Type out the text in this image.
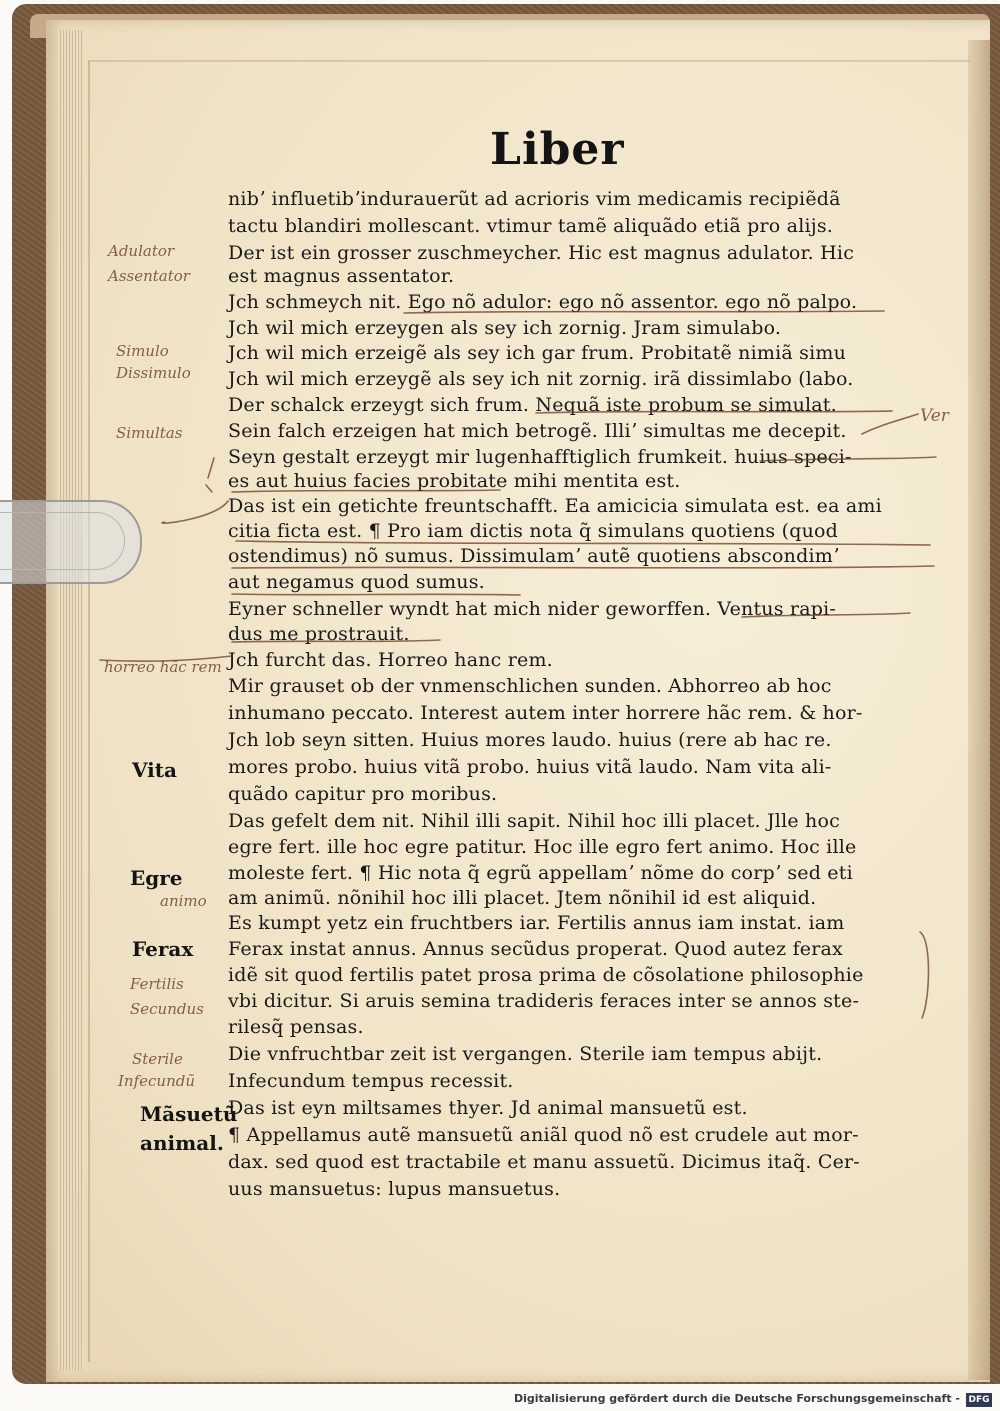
Liber
nibʼ influetibʼindurauerũt ad acrioris vim medicamis recipiẽdã
tactu blandiri mollescant. vtimur tamẽ aliquãdo etiã pro alijs.
Der ist ein grosser zuschmeycher. Hic est magnus adulator. Hic
est magnus assentator.
Jch schmeych nit. Ego nõ adulor: ego nõ assentor. ego nõ palpo.
Jch wil mich erzeygen als sey ich zornig. Jram simulabo.
Jch wil mich erzeigẽ als sey ich gar frum. Probitatẽ nimiã simu
Jch wil mich erzeygẽ als sey ich nit zornig. irã dissimlabo (labo.
Der schalck erzeygt sich frum. Nequã iste probum se simulat.
Sein falch erzeigen hat mich betrogẽ. Illiʼ simultas me decepit.
Seyn gestalt erzeygt mir lugenhafftiglich frumkeit. huius speci-
es aut huius facies probitate mihi mentita est.
Das ist ein getichte freuntschafft. Ea amicicia simulata est. ea ami
citia ficta est. ¶ Pro iam dictis nota q̃ simulans quotiens (quod
ostendimus) nõ sumus. Dissimulamʼ autẽ quotiens abscondimʼ
aut negamus quod sumus.
Eyner schneller wyndt hat mich nider geworffen. Ventus rapi-
dus me prostrauit.
Jch furcht das. Horreo hanc rem.
Mir grauset ob der vnmenschlichen sunden. Abhorreo ab hoc
inhumano peccato. Interest autem inter horrere hãc rem. & hor-
Jch lob seyn sitten. Huius mores laudo. huius (rere ab hac re.
mores probo. huius vitã probo. huius vitã laudo. Nam vita ali-
quãdo capitur pro moribus.
Das gefelt dem nit. Nihil illi sapit. Nihil hoc illi placet. Jlle hoc
egre fert. ille hoc egre patitur. Hoc ille egro fert animo. Hoc ille
moleste fert. ¶ Hic nota q̃ egrũ appellamʼ nõme do corpʼ sed eti
am animũ. nõnihil hoc illi placet. Jtem nõnihil id est aliquid.
Es kumpt yetz ein fruchtbers iar. Fertilis annus iam instat. iam
Ferax instat annus. Annus secũdus properat. Quod autez ferax
idẽ sit quod fertilis patet prosa prima de cõsolatione philosophie
vbi dicitur. Si aruis semina tradideris feraces inter se annos ste-
rilesq̃ pensas.
Die vnfruchtbar zeit ist vergangen. Sterile iam tempus abijt.
Infecundum tempus recessit.
Das ist eyn miltsames thyer. Jd animal mansuetũ est.
¶ Appellamus autẽ mansuetũ aniãl quod nõ est crudele aut mor-
dax. sed quod est tractabile et manu assuetũ. Dicimus itaq̃. Cer-
uus mansuetus: lupus mansuetus.
Vita
Egre
Ferax
Mãsuetũ
animal.
Adulator
Assentator
Simulo
Dissimulo
Simultas
horreo hãc rem
animo
Fertilis
Secundus
Sterile
Infecundũ
Ver
Digitalisierung gefördert durch die Deutsche Forschungsgemeinschaft - DFG
